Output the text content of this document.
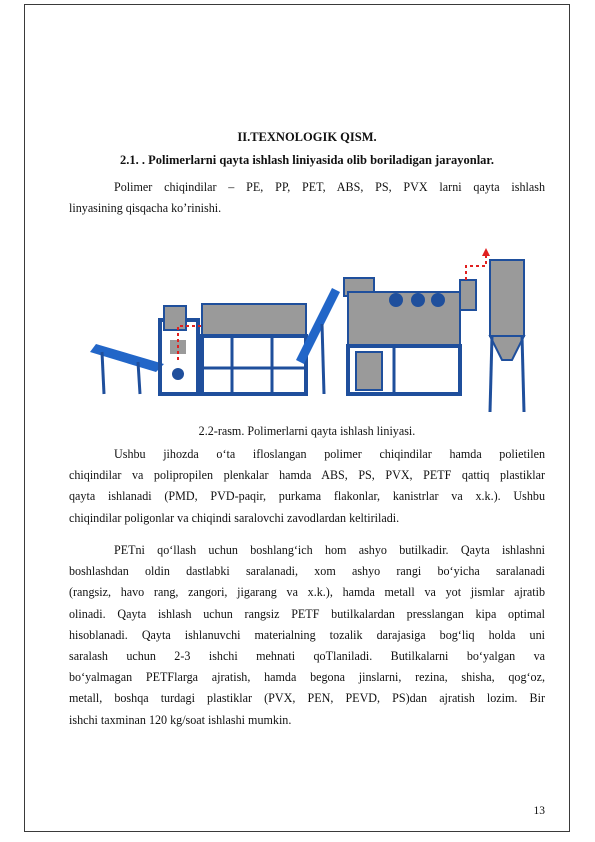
II.TEXNOLOGIK QISM.
2.1. . Polimerlarni qayta ishlash liniyasida olib boriladigan jarayonlar.
Polimer chiqindilar – PE, PP, PET, ABS, PS, PVX larni qayta ishlash
linyasining qisqacha ko’rinishi.
2.2-rasm. Polimerlarni qayta ishlash liniyasi.
Ushbu jihozda o‘ta ifloslangan polimer chiqindilar hamda polietilen
chiqindilar va polipropilen plenkalar hamda ABS, PS, PVX, PETF qattiq plastiklar
qayta ishlanadi (PMD, PVD-paqir, purkama flakonlar, kanistrlar va x.k.). Ushbu
chiqindilar poligonlar va chiqindi saralovchi zavodlardan keltiriladi.
PETni qo‘llash uchun boshlang‘ich hom ashyo butilkadir. Qayta ishlashni
boshlashdan oldin dastlabki saralanadi, xom ashyo rangi bo‘yicha saralanadi
(rangsiz, havo rang, zangori, jigarang va x.k.), hamda metall va yot jismlar ajratib
olinadi. Qayta ishlash uchun rangsiz PETF butilkalardan presslangan kipa optimal
hisoblanadi. Qayta ishlanuvchi materialning tozalik darajasiga bog‘liq holda uni
saralash uchun 2-3 ishchi mehnati qoTlaniladi. Butilkalarni bo‘yalgan va
bo‘yalmagan PETFlarga ajratish, hamda begona jinslarni, rezina, shisha, qog‘oz,
metall, boshqa turdagi plastiklar (PVX, PEN, PEVD, PS)dan ajratish lozim. Bir
ishchi taxminan 120 kg/soat ishlashi mumkin.
13
